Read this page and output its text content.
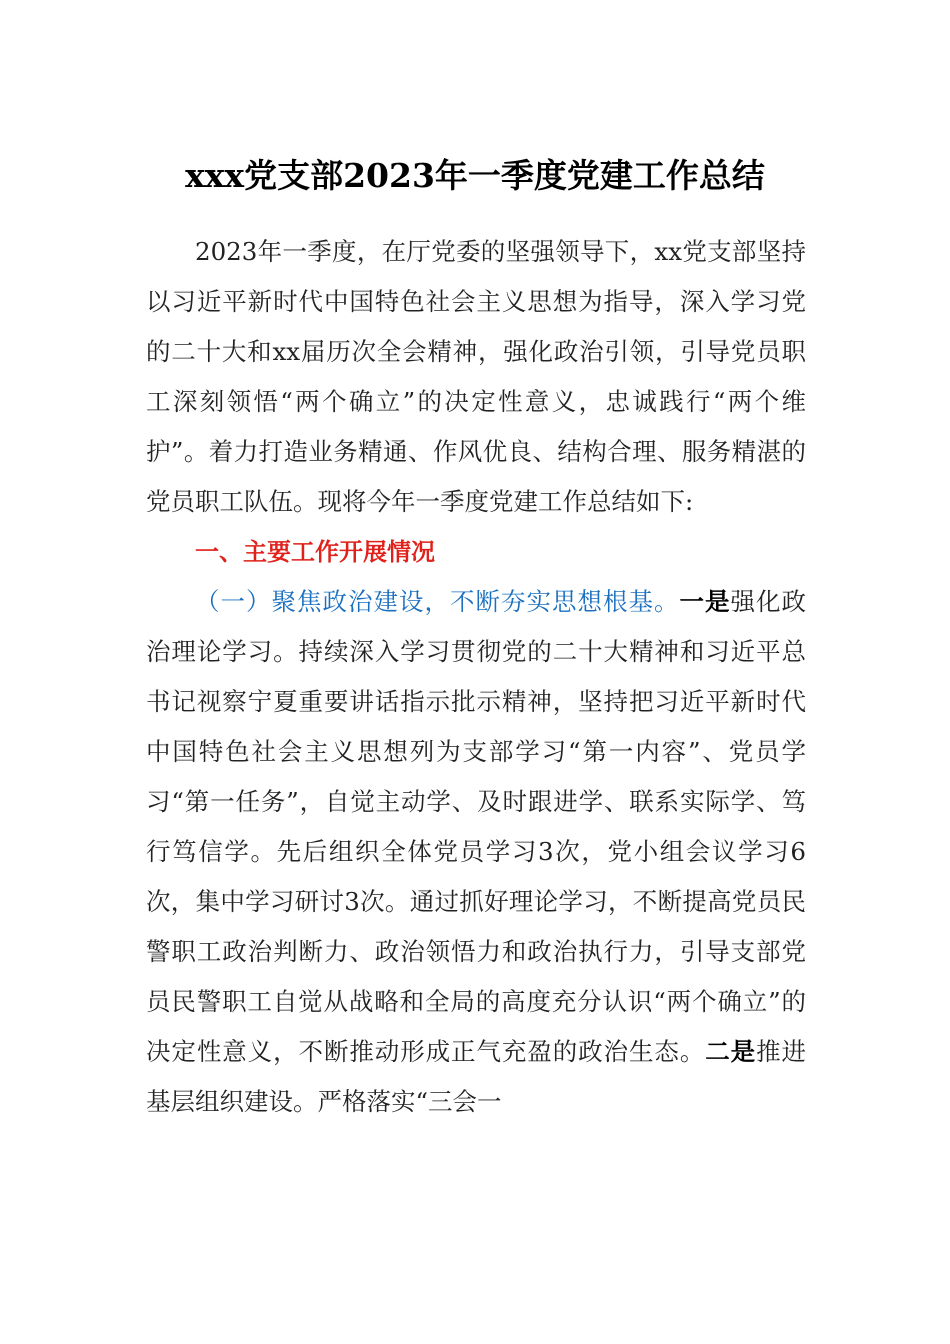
xxx党支部2023年一季度党建工作总结

2023年一季度，在厅党委的坚强领导下，xx党支部坚持以习近平新时代中国特色社会主义思想为指导，深入学习党的二十大和xx届历次全会精神，强化政治引领，引导党员职工深刻领悟“两个确立”的决定性意义，忠诚践行“两个维护”。着力打造业务精通、作风优良、结构合理、服务精湛的党员职工队伍。现将今年一季度党建工作总结如下:

一、主要工作开展情况

（一）聚焦政治建设，不断夯实思想根基。一是强化政治理论学习。持续深入学习贯彻党的二十大精神和习近平总书记视察宁夏重要讲话指示批示精神，坚持把习近平新时代中国特色社会主义思想列为支部学习“第一内容”、党员学习“第一任务”，自觉主动学、及时跟进学、联系实际学、笃行笃信学。先后组织全体党员学习3次，党小组会议学习6次，集中学习研讨3次。通过抓好理论学习，不断提高党员民警职工政治判断力、政治领悟力和政治执行力，引导支部党员民警职工自觉从战略和全局的高度充分认识“两个确立”的决定性意义，不断推动形成正气充盈的政治生态。二是推进基层组织建设。严格落实“三会一
